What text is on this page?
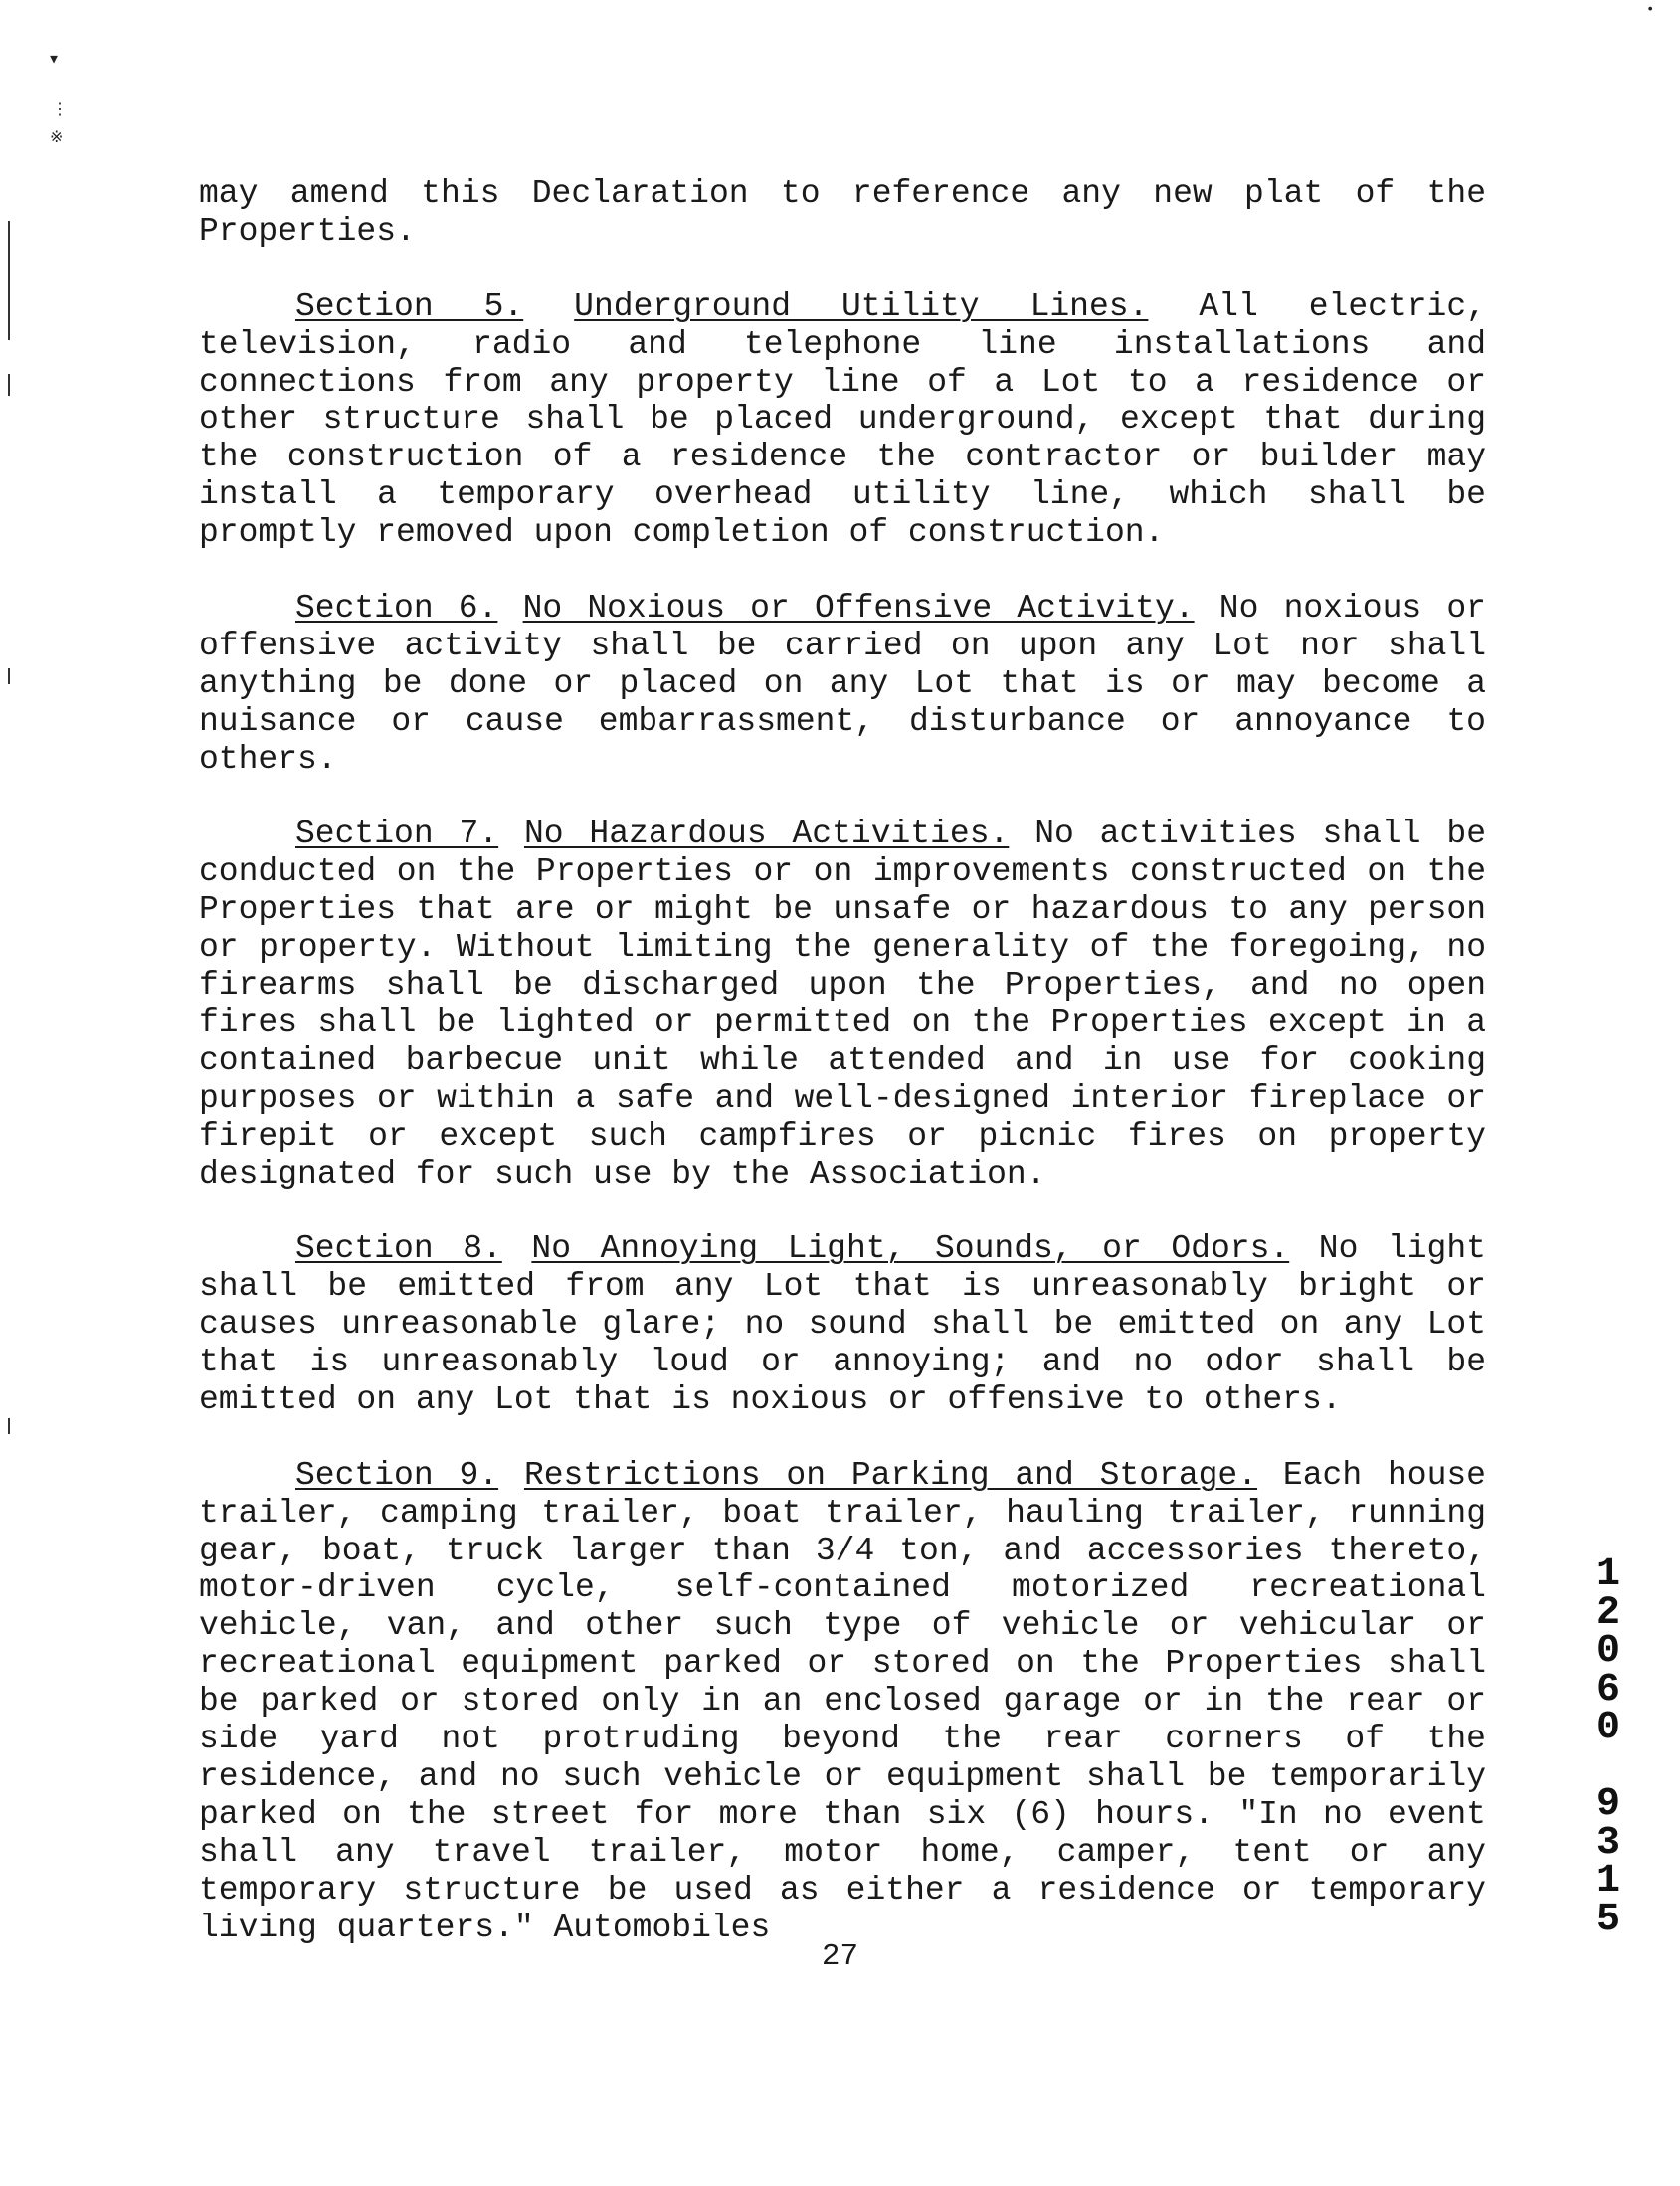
▾
⋮
※
•

may amend this Declaration to reference any new plat of the Properties.

Section 5. Underground Utility Lines. All electric, television, radio and telephone line installations and connections from any property line of a Lot to a residence or other structure shall be placed underground, except that during the construction of a residence the contractor or builder may install a temporary overhead utility line, which shall be promptly removed upon completion of construction.

Section 6. No Noxious or Offensive Activity. No noxious or offensive activity shall be carried on upon any Lot nor shall anything be done or placed on any Lot that is or may become a nuisance or cause embarrassment, disturbance or annoyance to others.

Section 7. No Hazardous Activities. No activities shall be conducted on the Properties or on improvements constructed on the Properties that are or might be unsafe or hazardous to any person or property. Without limiting the generality of the foregoing, no firearms shall be discharged upon the Properties, and no open fires shall be lighted or permitted on the Properties except in a contained barbecue unit while attended and in use for cooking purposes or within a safe and well-designed interior fireplace or firepit or except such campfires or picnic fires on property designated for such use by the Association.

Section 8. No Annoying Light, Sounds, or Odors. No light shall be emitted from any Lot that is unreasonably bright or causes unreasonable glare; no sound shall be emitted on any Lot that is unreasonably loud or annoying; and no odor shall be emitted on any Lot that is noxious or offensive to others.

Section 9. Restrictions on Parking and Storage. Each house trailer, camping trailer, boat trailer, hauling trailer, running gear, boat, truck larger than 3/4 ton, and accessories thereto, motor-driven cycle, self-contained motorized recreational vehicle, van, and other such type of vehicle or vehicular or recreational equipment parked or stored on the Properties shall be parked or stored only in an enclosed garage or in the rear or side yard not protruding beyond the rear corners of the residence, and no such vehicle or equipment shall be temporarily parked on the street for more than six (6) hours. "In no event shall any travel trailer, motor home, camper, tent or any temporary structure be used as either a residence or temporary living quarters." Automobiles

27
1
2
0
6
0

9
3
1
5
